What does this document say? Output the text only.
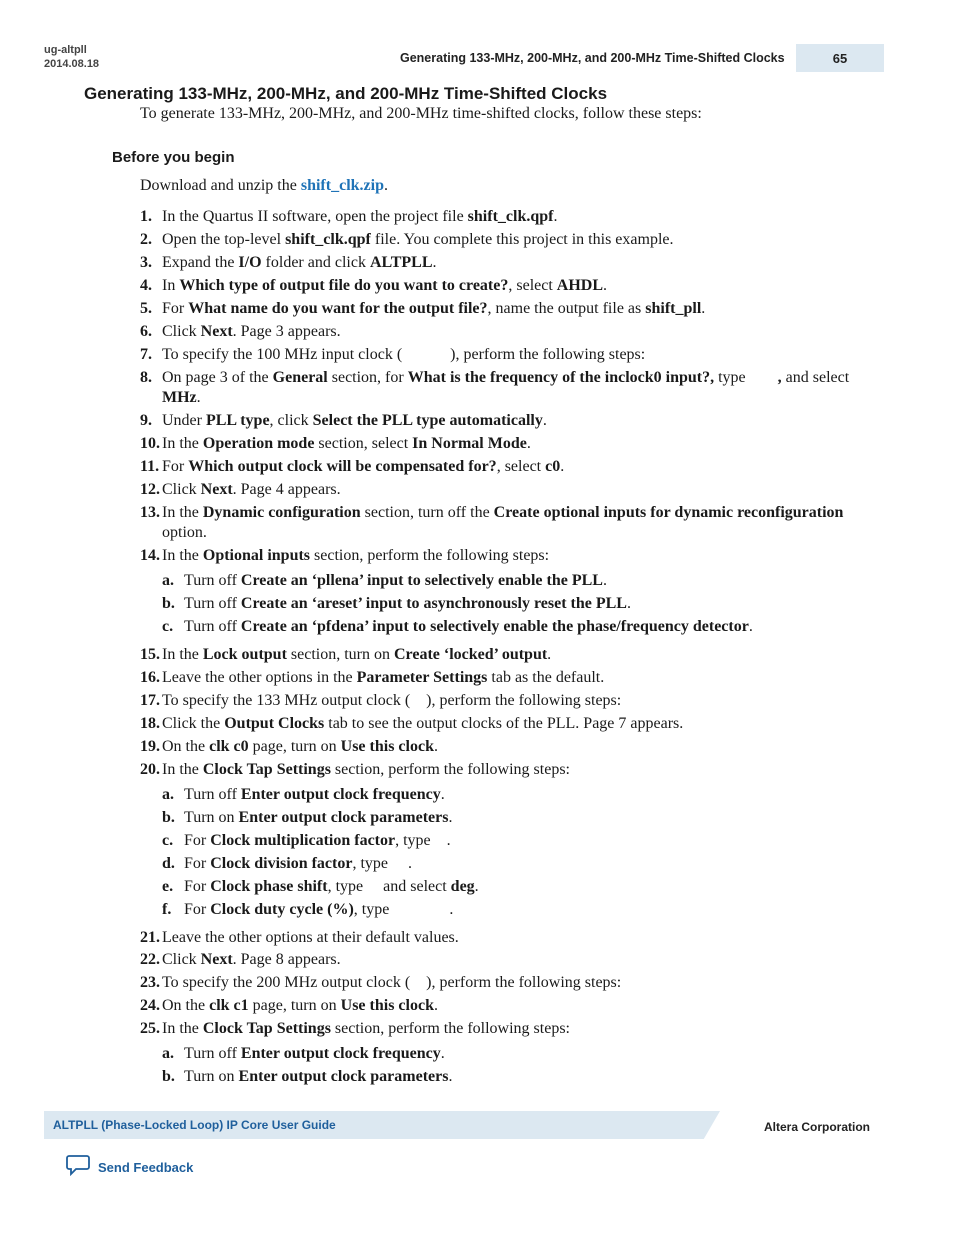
ug-altpll
2014.08.18	Generating 133-MHz, 200-MHz, and 200-MHz Time-Shifted Clocks	65
Generating 133-MHz, 200-MHz, and 200-MHz Time-Shifted Clocks
To generate 133-MHz, 200-MHz, and 200-MHz time-shifted clocks, follow these steps:
Before you begin
Download and unzip the shift_clk.zip.
1. In the Quartus II software, open the project file shift_clk.qpf.
2. Open the top-level shift_clk.qpf file. You complete this project in this example.
3. Expand the I/O folder and click ALTPLL.
4. In Which type of output file do you want to create?, select AHDL.
5. For What name do you want for the output file?, name the output file as shift_pll.
6. Click Next. Page 3 appears.
7. To specify the 100 MHz input clock (            ), perform the following steps:
8. On page 3 of the General section, for What is the frequency of the inclock0 input?, type        , and select MHz.
9. Under PLL type, click Select the PLL type automatically.
10. In the Operation mode section, select In Normal Mode.
11. For Which output clock will be compensated for?, select c0.
12. Click Next. Page 4 appears.
13. In the Dynamic configuration section, turn off the Create optional inputs for dynamic reconfiguration option.
14. In the Optional inputs section, perform the following steps:
15. In the Lock output section, turn on Create ‘locked’ output.
16. Leave the other options in the Parameter Settings tab as the default.
17. To specify the 133 MHz output clock (    ), perform the following steps:
18. Click the Output Clocks tab to see the output clocks of the PLL. Page 7 appears.
19. On the clk c0 page, turn on Use this clock.
20. In the Clock Tap Settings section, perform the following steps:
21. Leave the other options at their default values.
22. Click Next. Page 8 appears.
23. To specify the 200 MHz output clock (    ), perform the following steps:
24. On the clk c1 page, turn on Use this clock.
25. In the Clock Tap Settings section, perform the following steps:
a. Turn off Create an ‘pllena’ input to selectively enable the PLL.
b. Turn off Create an ‘areset’ input to asynchronously reset the PLL.
c. Turn off Create an ‘pfdena’ input to selectively enable the phase/frequency detector.
a. Turn off Enter output clock frequency.
b. Turn on Enter output clock parameters.
c. For Clock multiplication factor, type    .
d. For Clock division factor, type     .
e. For Clock phase shift, type     and select deg.
f. For Clock duty cycle (%), type               .
a. Turn off Enter output clock frequency.
b. Turn on Enter output clock parameters.
ALTPLL (Phase-Locked Loop) IP Core User Guide	Altera Corporation
Send Feedback
